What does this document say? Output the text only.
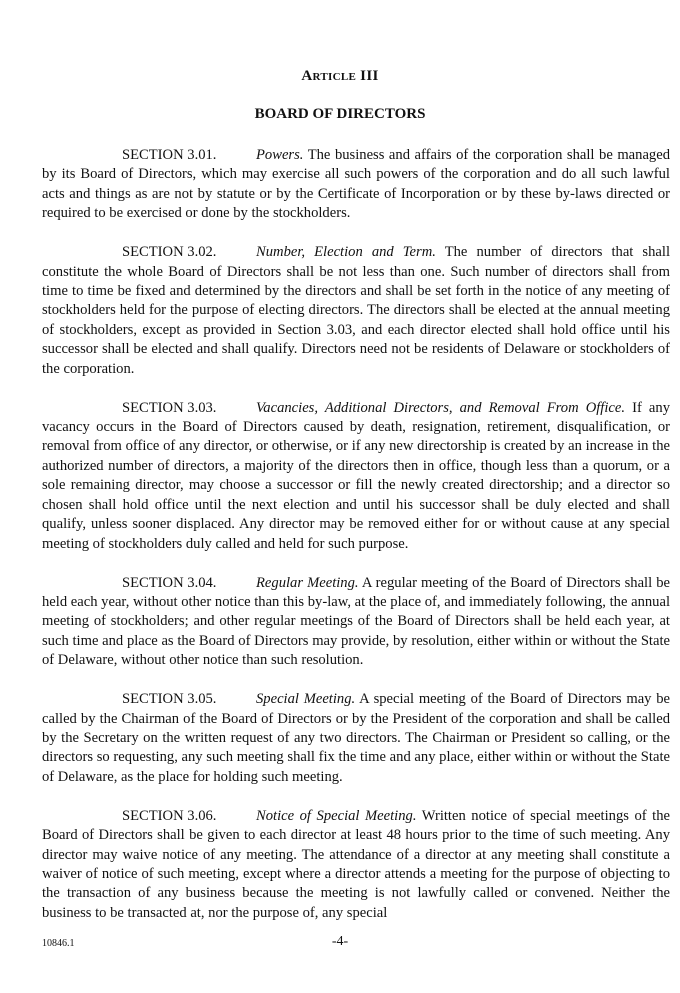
Article III
BOARD OF DIRECTORS

SECTION 3.01.	Powers. The business and affairs of the corporation shall be managed by its Board of Directors, which may exercise all such powers of the corporation and do all such lawful acts and things as are not by statute or by the Certificate of Incorporation or by these by-laws directed or required to be exercised or done by the stockholders.

SECTION 3.02.	Number, Election and Term. The number of directors that shall constitute the whole Board of Directors shall be not less than one. Such number of directors shall from time to time be fixed and determined by the directors and shall be set forth in the notice of any meeting of stockholders held for the purpose of electing directors. The directors shall be elected at the annual meeting of stockholders, except as provided in Section 3.03, and each director elected shall hold office until his successor shall be elected and shall qualify. Directors need not be residents of Delaware or stockholders of the corporation.

SECTION 3.03.	Vacancies, Additional Directors, and Removal From Office. If any vacancy occurs in the Board of Directors caused by death, resignation, retirement, disqualification, or removal from office of any director, or otherwise, or if any new directorship is created by an increase in the authorized number of directors, a majority of the directors then in office, though less than a quorum, or a sole remaining director, may choose a successor or fill the newly created directorship; and a director so chosen shall hold office until the next election and until his successor shall be duly elected and shall qualify, unless sooner displaced. Any director may be removed either for or without cause at any special meeting of stockholders duly called and held for such purpose.

SECTION 3.04.	Regular Meeting. A regular meeting of the Board of Directors shall be held each year, without other notice than this by-law, at the place of, and immediately following, the annual meeting of stockholders; and other regular meetings of the Board of Directors shall be held each year, at such time and place as the Board of Directors may provide, by resolution, either within or without the State of Delaware, without other notice than such resolution.

SECTION 3.05.	Special Meeting. A special meeting of the Board of Directors may be called by the Chairman of the Board of Directors or by the President of the corporation and shall be called by the Secretary on the written request of any two directors. The Chairman or President so calling, or the directors so requesting, any such meeting shall fix the time and any place, either within or without the State of Delaware, as the place for holding such meeting.

SECTION 3.06.	Notice of Special Meeting. Written notice of special meetings of the Board of Directors shall be given to each director at least 48 hours prior to the time of such meeting. Any director may waive notice of any meeting. The attendance of a director at any meeting shall constitute a waiver of notice of such meeting, except where a director attends a meeting for the purpose of objecting to the transaction of any business because the meeting is not lawfully called or convened. Neither the business to be transacted at, nor the purpose of, any special

10846.1	-4-
